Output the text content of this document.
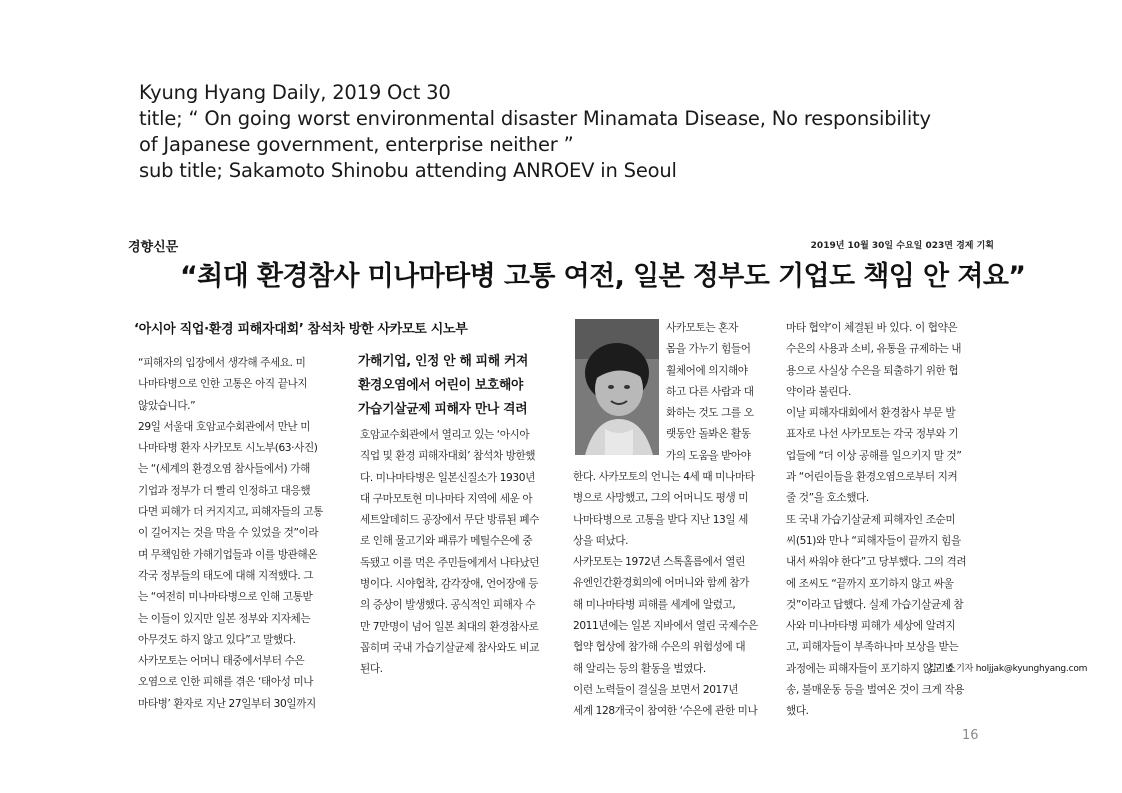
Kyung Hyang Daily, 2019 Oct 30
title; “ On going worst environmental disaster Minamata Disease, No responsibility
of Japanese government, enterprise neither ”
sub title; Sakamoto Shinobu attending ANROEV in Seoul
경향신문	2019년 10월 30일 수요일 023면 경제 기획
“최대 환경참사 미나마타병 고통 여전, 일본 정부도 기업도 책임 안 져요”
‘아시아 직업·환경 피해자대회’ 참석차 방한 사카모토 시노부
“피해자의 입장에서 생각해 주세요. 미
나마타병으로 인한 고통은 아직 끝나지
않았습니다.”
29일 서울대 호암교수회관에서 만난 미
나마타병 환자 사카모토 시노부(63·사진)
는 “(세계의 환경오염 참사들에서) 가해
기업과 정부가 더 빨리 인정하고 대응했
다면 피해가 더 커지지고, 피해자들의 고통
이 길어지는 것을 막을 수 있었을 것”이라
며 무책임한 가해기업들과 이를 방관해온
각국 정부들의 태도에 대해 지적했다. 그
는 “여전히 미나마타병으로 인해 고통받
는 이들이 있지만 일본 정부와 지자체는
아무것도 하지 않고 있다”고 말했다.
사카모토는 어머니 태중에서부터 수은
오염으로 인한 피해를 겪은 ‘태아성 미나
마타병’ 환자로 지난 27일부터 30일까지
가해기업, 인정 안 해 피해 커져
환경오염에서 어린이 보호해야
가습기살균제 피해자 만나 격려
호암교수회관에서 열리고 있는 ‘아시아
직업 및 환경 피해자대회’ 참석차 방한했
다. 미나마타병은 일본신질소가 1930년
대 구마모토현 미나마타 지역에 세운 아
세트알데히드 공장에서 무단 방류된 폐수
로 인해 물고기와 패류가 메틸수은에 중
독됐고 이를 먹은 주민들에게서 나타났던
병이다. 시야협착, 감각장애, 언어장애 등
의 증상이 발생했다. 공식적인 피해자 수
만 7만명이 넘어 일본 최대의 환경참사로
꼽히며 국내 가습기살균제 참사와도 비교
된다.
사카모토는 혼자
몸을 가누기 힘들어
휠체어에 의지해야
하고 다른 사람과 대
화하는 것도 그를 오
랫동안 돌봐온 활동
가의 도움을 받아야
한다. 사카모토의 언니는 4세 때 미나마타
병으로 사망했고, 그의 어머니도 평생 미
나마타병으로 고통을 받다 지난 13일 세
상을 떠났다.
사카모토는 1972년 스톡홀름에서 열린
유엔인간환경회의에 어머니와 함께 참가
해 미나마타병 피해를 세계에 알렸고,
2011년에는 일본 지바에서 열린 국제수은
협약 협상에 참가해 수은의 위험성에 대
해 알리는 등의 활동을 벌였다.
이런 노력들이 결실을 보면서 2017년
세계 128개국이 참여한 ‘수은에 관한 미나
마타 협약’이 체결된 바 있다. 이 협약은
수은의 사용과 소비, 유통을 규제하는 내
용으로 사실상 수은을 퇴출하기 위한 협
약이라 불린다.
이날 피해자대회에서 환경참사 부문 발
표자로 나선 사카모토는 각국 정부와 기
업들에 “더 이상 공해를 일으키지 말 것”
과 “어린이들을 환경오염으로부터 지켜
줄 것”을 호소했다.
또 국내 가습기살균제 피해자인 조순미
씨(51)와 만나 “피해자들이 끝까지 힘을
내서 싸워야 한다”고 당부했다. 그의 격려
에 조씨도 “끝까지 포기하지 않고 싸울
것”이라고 답했다. 실제 가습기살균제 참
사와 미나마타병 피해가 세상에 알려지
고, 피해자들이 부족하나마 보상을 받는
과정에는 피해자들이 포기하지 않고 소
송, 불매운동 등을 벌여온 것이 크게 작용
했다.
김기범 기자 holjjak@kyunghyang.com
16
